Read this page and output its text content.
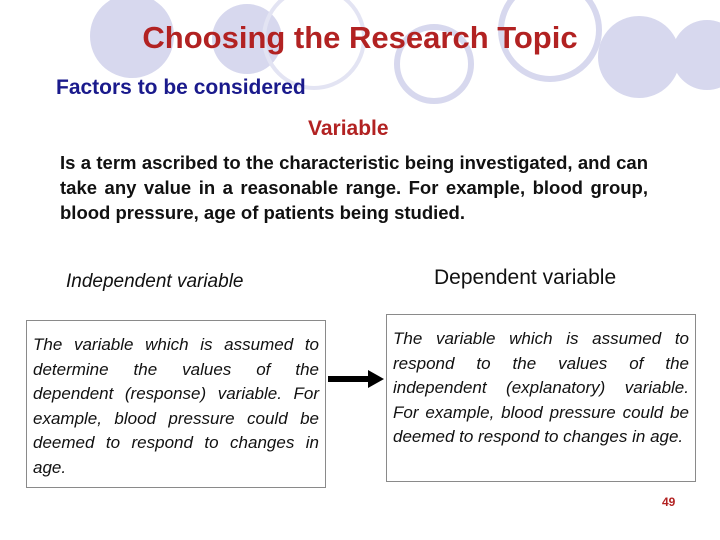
Choosing the Research Topic
Factors to be considered
Variable

Is a term ascribed to the characteristic being investigated, and can take any value in a reasonable range. For example, blood group, blood pressure, age of patients being studied.

Independent variable	Dependent variable

The variable which is assumed to determine the values of the dependent (response) variable. For example, blood pressure could be deemed to respond to changes in age.

The variable which is assumed to respond to the values of the independent (explanatory) variable. For example, blood pressure could be deemed to respond to changes in age.

49
